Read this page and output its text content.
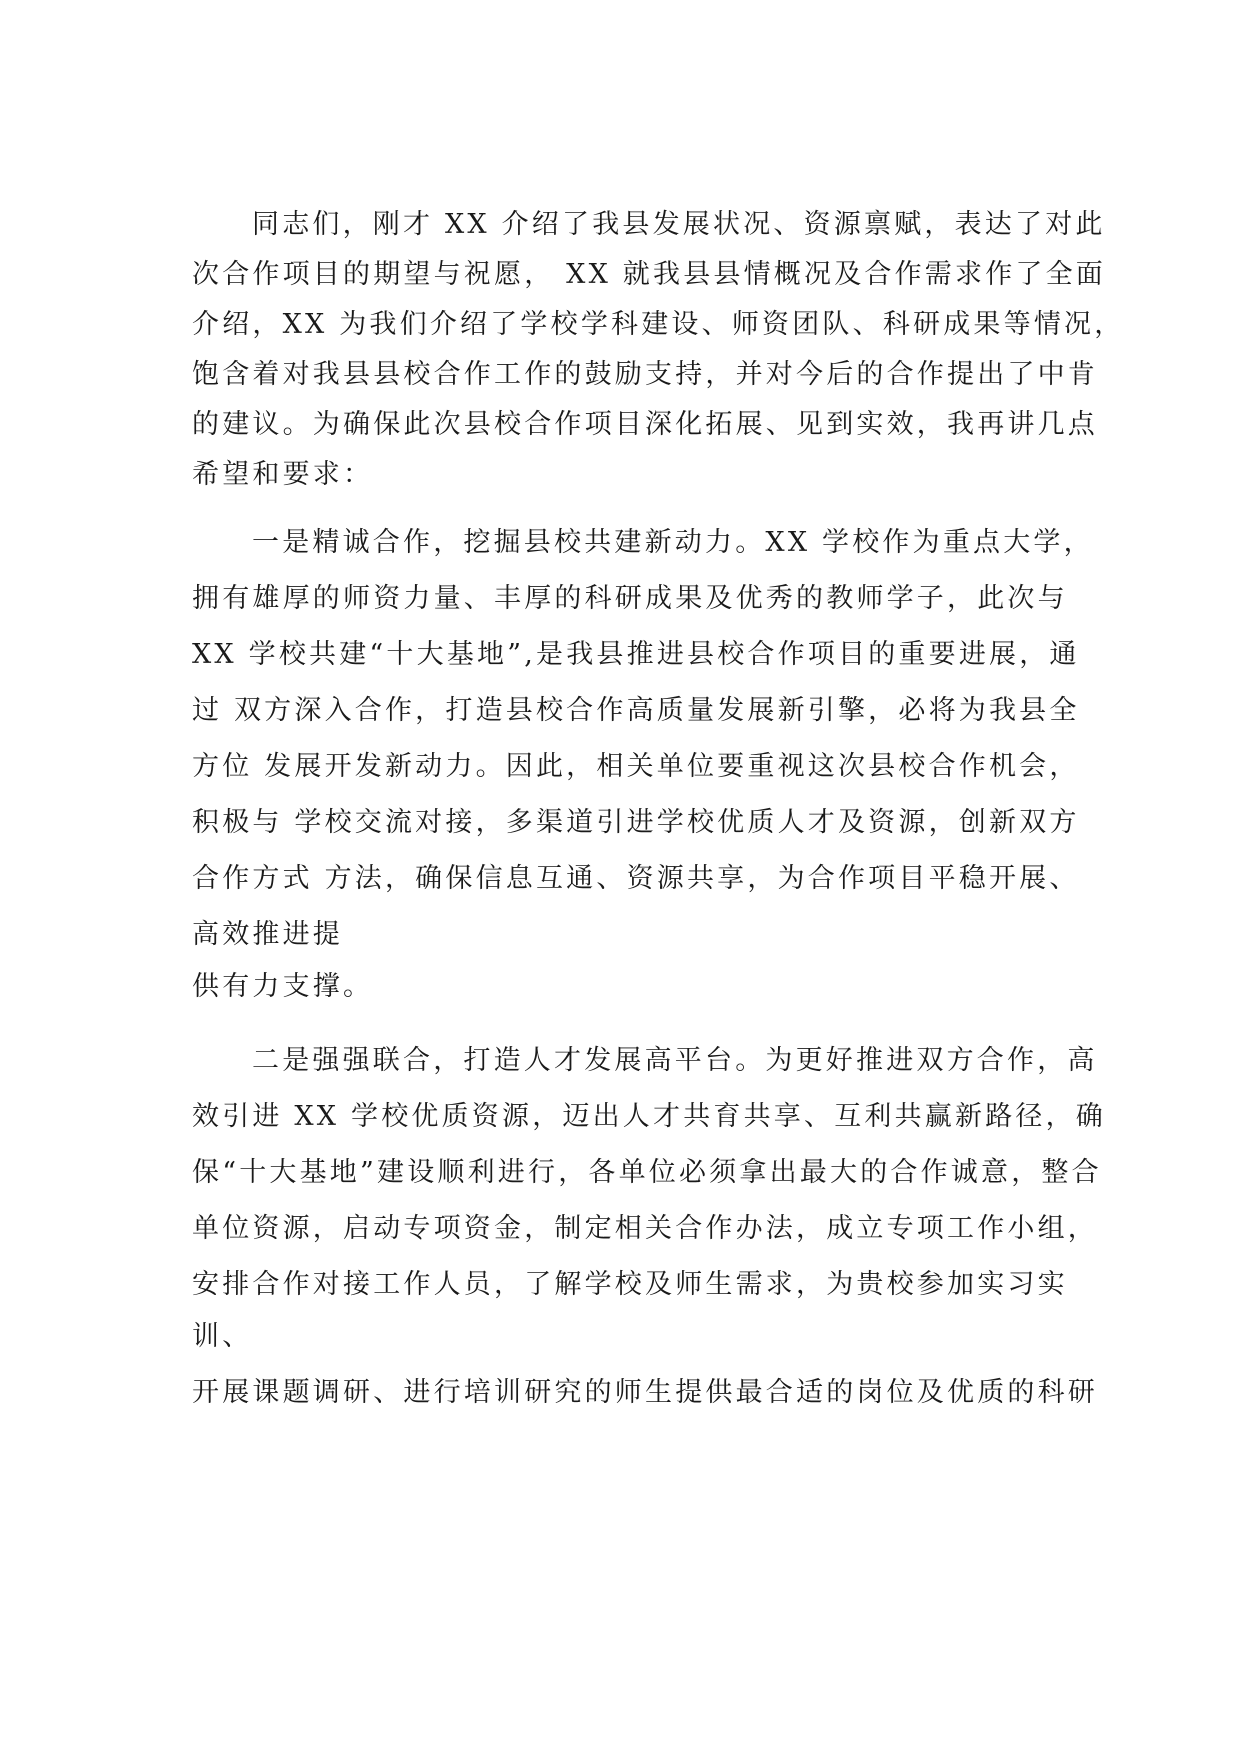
同志们，刚才 XX 介绍了我县发展状况、资源禀赋，表达了对此
次合作项目的期望与祝愿， XX 就我县县情概况及合作需求作了全面
介绍，XX 为我们介绍了学校学科建设、师资团队、科研成果等情况，
饱含着对我县县校合作工作的鼓励支持，并对今后的合作提出了中肯
的建议。为确保此次县校合作项目深化拓展、见到实效，我再讲几点
希望和要求：
一是精诚合作，挖掘县校共建新动力。XX 学校作为重点大学，
拥有雄厚的师资力量、丰厚的科研成果及优秀的教师学子，此次与
XX 学校共建“十大基地”,是我县推进县校合作项目的重要进展，通
过 双方深入合作，打造县校合作高质量发展新引擎，必将为我县全
方位 发展开发新动力。因此，相关单位要重视这次县校合作机会，
积极与 学校交流对接，多渠道引进学校优质人才及资源，创新双方
合作方式 方法，确保信息互通、资源共享，为合作项目平稳开展、
高效推进提
供有力支撑。
二是强强联合，打造人才发展高平台。为更好推进双方合作，高
效引进 XX 学校优质资源，迈出人才共育共享、互利共赢新路径，确
保“十大基地”建设顺利进行，各单位必须拿出最大的合作诚意，整合
单位资源，启动专项资金，制定相关合作办法，成立专项工作小组，
安排合作对接工作人员，了解学校及师生需求，为贵校参加实习实
训、
开展课题调研、进行培训研究的师生提供最合适的岗位及优质的科研
